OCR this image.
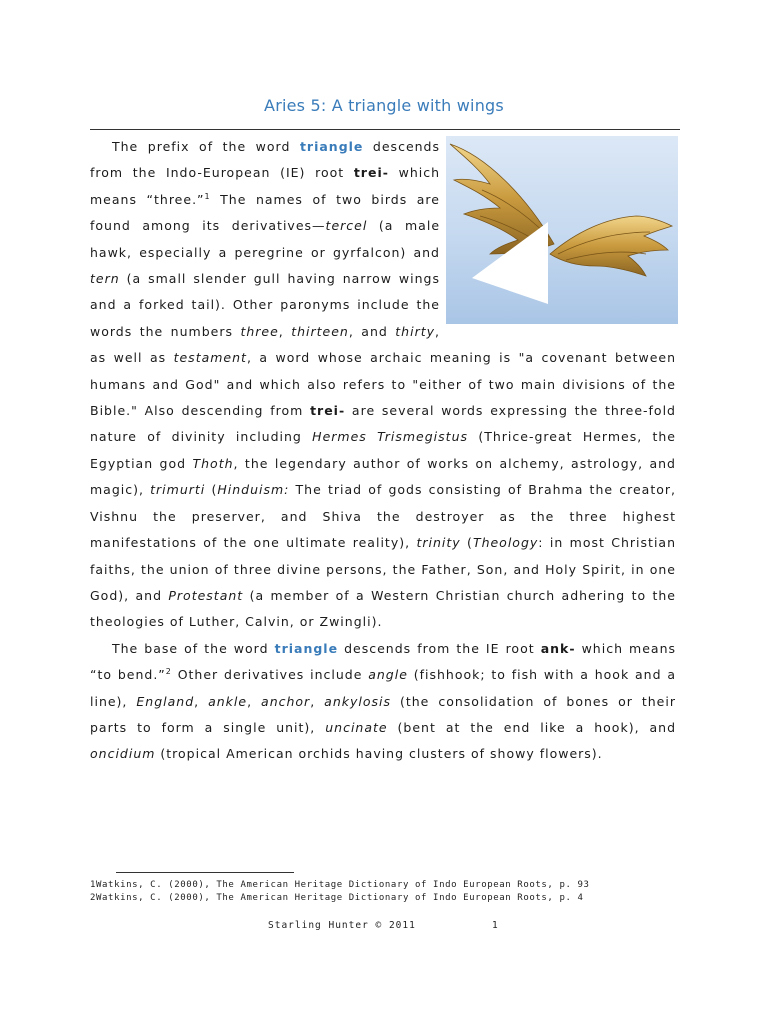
Aries 5: A triangle with wings

The prefix of the word triangle descends from the Indo-European (IE) root trei- which means “three.”$^1$ The names of two birds are found among its derivatives—tercel (a male hawk, especially a peregrine or gyrfalcon) and tern (a small slender gull having narrow wings and a forked tail). Other paronyms include the words the numbers three, thirteen, and thirty, as well as testament, a word whose archaic meaning is "a covenant between humans and God" and which also refers to "either of two main divisions of the Bible." Also descending from trei- are several words expressing the three-fold nature of divinity including Hermes Trismegistus (Thrice-great Hermes, the Egyptian god Thoth, the legendary author of works on alchemy, astrology, and magic), trimurti (Hinduism: The triad of gods consisting of Brahma the creator, Vishnu the preserver, and Shiva the destroyer as the three highest manifestations of the one ultimate reality), trinity (Theology: in most Christian faiths, the union of three divine persons, the Father, Son, and Holy Spirit, in one God), and Protestant (a member of a Western Christian church adhering to the theologies of Luther, Calvin, or Zwingli).

The base of the word triangle descends from the IE root ank- which means “to bend.”$^2$ Other derivatives include angle (fishhook; to fish with a hook and a line), England, ankle, anchor, ankylosis (the consolidation of bones or their parts to form a single unit), uncinate (bent at the end like a hook), and oncidium (tropical American orchids having clusters of showy flowers).

1Watkins, C. (2000), The American Heritage Dictionary of Indo European Roots, p. 93
2Watkins, C. (2000), The American Heritage Dictionary of Indo European Roots, p. 4
Starling Hunter © 2011	1
